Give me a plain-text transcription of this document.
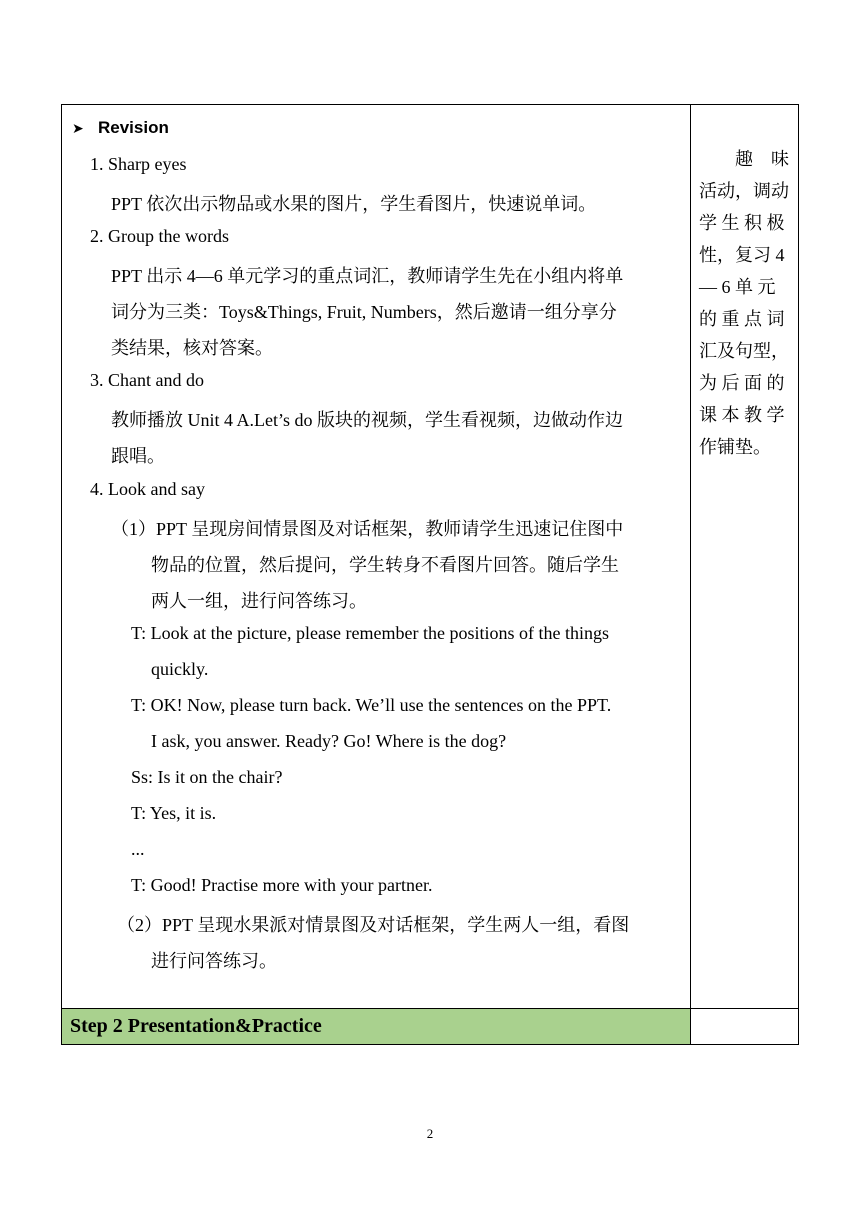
➤ Revision
1. Sharp eyes
PPT 依次出示物品或水果的图片，学生看图片，快速说单词。
2. Group the words
PPT 出示 4—6 单元学习的重点词汇，教师请学生先在小组内将单
词分为三类：Toys&Things, Fruit, Numbers，然后邀请一组分享分
类结果，核对答案。
3. Chant and do
教师播放 Unit 4 A.Let’s do 版块的视频，学生看视频，边做动作边
跟唱。
4. Look and say
（1）PPT 呈现房间情景图及对话框架，教师请学生迅速记住图中
物品的位置，然后提问，学生转身不看图片回答。随后学生
两人一组，进行问答练习。
T: Look at the picture, please remember the positions of the things
quickly.
T: OK! Now, please turn back. We’ll use the sentences on the PPT.
I ask, you answer. Ready? Go! Where is the dog?
Ss: Is it on the chair?
T: Yes, it is.
...
T: Good! Practise more with your partner.
（2）PPT 呈现水果派对情景图及对话框架，学生两人一组，看图
进行问答练习。
趣　味
活动，调动
学 生 积 极
性，复习 4
— 6 单 元
的 重 点 词
汇及句型，
为 后 面 的
课 本 教 学
作铺垫。
Step 2 Presentation&Practice
2
